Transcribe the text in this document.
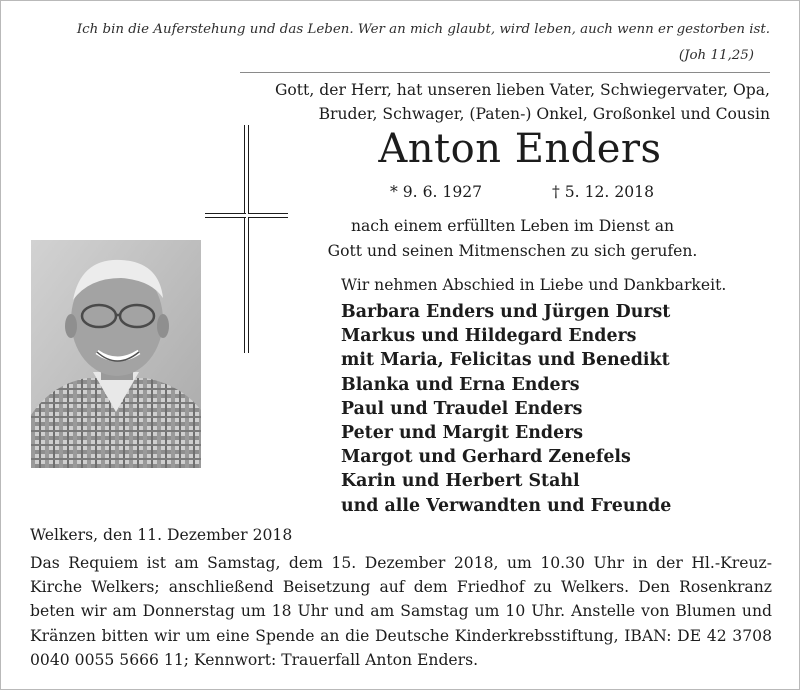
Ich bin die Auferstehung und das Leben. Wer an mich glaubt, wird leben, auch wenn er gestorben ist.
(Joh 11,25)
Gott, der Herr, hat unseren lieben Vater, Schwiegervater, Opa,
Bruder, Schwager, (Paten-) Onkel, Großonkel und Cousin
Anton Enders
* 9. 6. 1927	† 5. 12. 2018
nach einem erfüllten Leben im Dienst an
Gott und seinen Mitmenschen zu sich gerufen.
Wir nehmen Abschied in Liebe und Dankbarkeit.
Barbara Enders und Jürgen Durst
Markus und Hildegard Enders
mit Maria, Felicitas und Benedikt
Blanka und Erna Enders
Paul und Traudel Enders
Peter und Margit Enders
Margot und Gerhard Zenefels
Karin und Herbert Stahl
und alle Verwandten und Freunde
Welkers, den 11. Dezember 2018
Das Requiem ist am Samstag, dem 15. Dezember 2018, um 10.30 Uhr in der Hl.-Kreuz-Kirche Welkers; anschließend Beisetzung auf dem Friedhof zu Welkers. Den Rosenkranz beten wir am Donnerstag um 18 Uhr und am Samstag um 10 Uhr. Anstelle von Blumen und Kränzen bitten wir um eine Spende an die Deutsche Kinderkrebsstiftung, IBAN: DE 42 3708 0040 0055 5666 11; Kennwort: Trauerfall Anton Enders.
